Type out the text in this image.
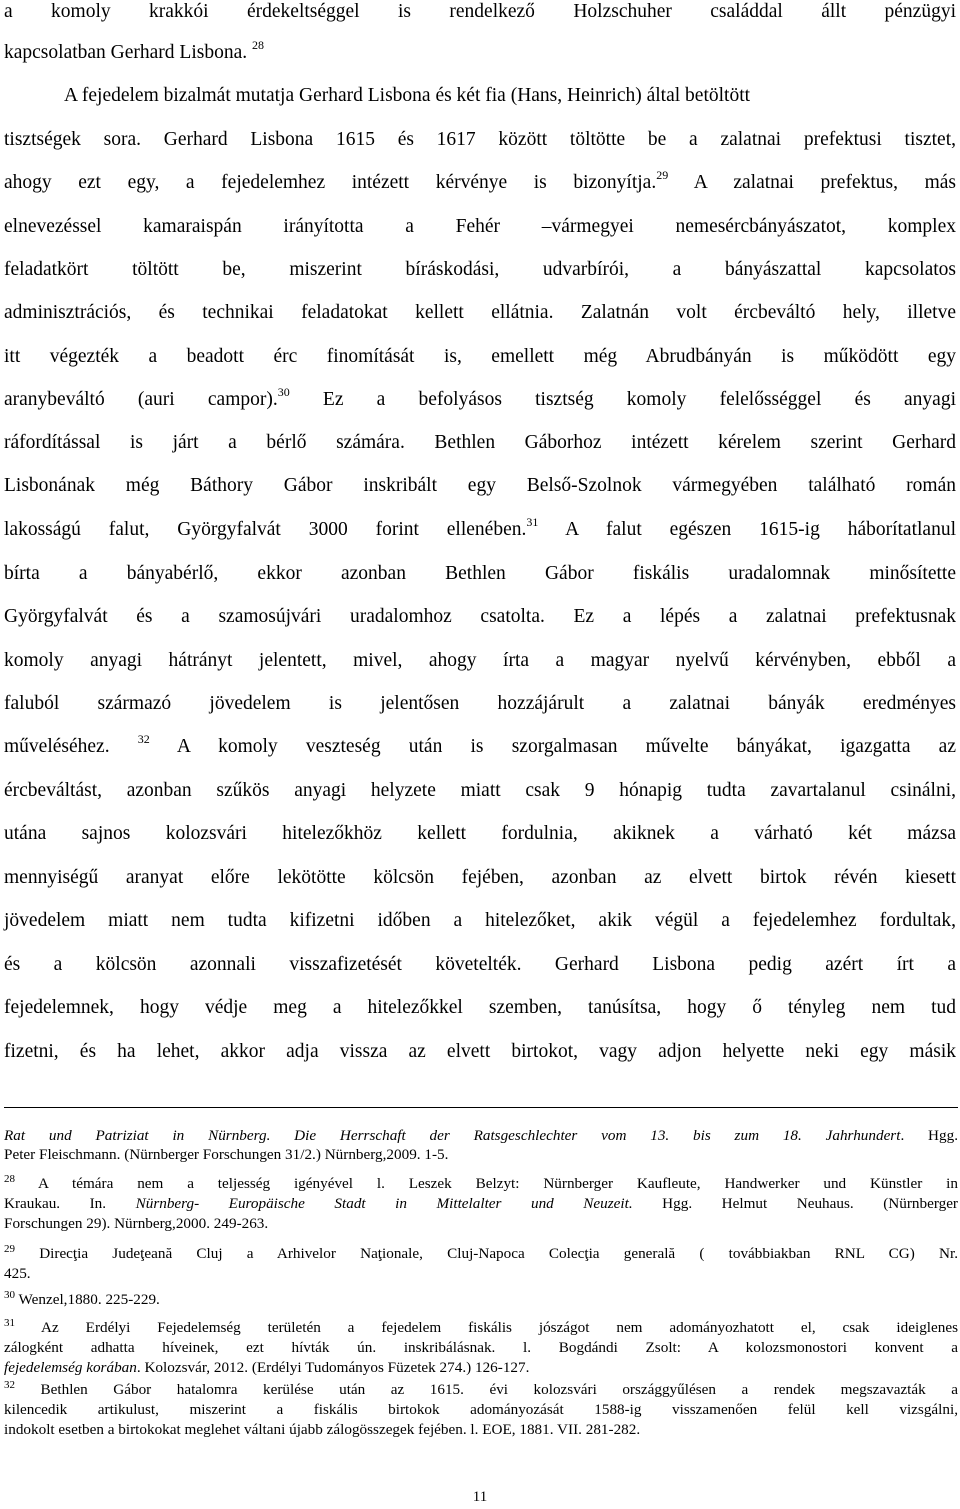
a komoly krakkói érdekeltséggel is rendelkező Holzschuher családdal állt pénzügyi
kapcsolatban Gerhard Lisbona. $^{28}$
A fejedelem bizalmát mutatja Gerhard Lisbona és két fia (Hans, Heinrich) által betöltött
tisztségek sora. Gerhard Lisbona 1615 és 1617 között töltötte be a zalatnai prefektusi tisztet,
ahogy ezt egy, a fejedelemhez intézett kérvénye is bizonyítja.$^{29}$ A zalatnai prefektus, más
elnevezéssel kamaraispán irányította a Fehér –vármegyei nemesércbányászatot, komplex
feladatkört töltött be, miszerint bíráskodási, udvarbírói, a bányászattal kapcsolatos
adminisztrációs, és technikai feladatokat kellett ellátnia. Zalatnán volt ércbeváltó hely, illetve
itt végezték a beadott érc finomítását is, emellett még Abrudbányán is működött egy
aranybeváltó (auri campor).$^{30}$ Ez a befolyásos tisztség komoly felelősséggel és anyagi
ráfordítással is járt a bérlő számára. Bethlen Gáborhoz intézett kérelem szerint Gerhard
Lisbonának még Báthory Gábor inskribált egy Belső-Szolnok vármegyében található román
lakosságú falut, Györgyfalvát 3000 forint ellenében.$^{31}$ A falut egészen 1615-ig háborítatlanul
bírta a bányabérlő, ekkor azonban Bethlen Gábor fiskális uradalomnak minősítette
Györgyfalvát és a szamosújvári uradalomhoz csatolta. Ez a lépés a zalatnai prefektusnak
komoly anyagi hátrányt jelentett, mivel, ahogy írta a magyar nyelvű kérvényben, ebből a
faluból származó jövedelem is jelentősen hozzájárult a zalatnai bányák eredményes
műveléséhez. $^{32}$ A komoly veszteség után is szorgalmasan művelte bányákat, igazgatta az
ércbeváltást, azonban szűkös anyagi helyzete miatt csak 9 hónapig tudta zavartalanul csinálni,
utána sajnos kolozsvári hitelezőkhöz kellett fordulnia, akiknek a várható két mázsa
mennyiségű aranyat előre lekötötte kölcsön fejében, azonban az elvett birtok révén kiesett
jövedelem miatt nem tudta kifizetni időben a hitelezőket, akik végül a fejedelemhez fordultak,
és a kölcsön azonnali visszafizetését követelték. Gerhard Lisbona pedig azért írt a
fejedelemnek, hogy védje meg a hitelezőkkel szemben, tanúsítsa, hogy ő tényleg nem tud
fizetni, és ha lehet, akkor adja vissza az elvett birtokot, vagy adjon helyette neki egy másik
Rat und Patriziat in Nürnberg. Die Herrschaft der Ratsgeschlechter vom 13. bis zum 18. Jahrhundert. Hgg.
Peter Fleischmann. (Nürnberger Forschungen 31/2.) Nürnberg,2009. 1-5.
$^{28}$ A témára nem a teljesség igényével l. Leszek Belzyt: Nürnberger Kaufleute, Handwerker und Künstler in
Kraukau. In. Nürnberg- Europäische Stadt in Mittelalter und Neuzeit. Hgg. Helmut Neuhaus. (Nürnberger
Forschungen 29). Nürnberg,2000. 249-263.
$^{29}$ Direcţia Judeţeană Cluj a Arhivelor Naţionale, Cluj-Napoca Colecţia generală ( továbbiakban RNL CG) Nr.
425.
$^{30}$ Wenzel,1880. 225-229.
$^{31}$ Az Erdélyi Fejedelemség területén a fejedelem fiskális jószágot nem adományozhatott el, csak ideiglenes
zálogként adhatta híveinek, ezt hívták ún. inskribálásnak. l. Bogdándi Zsolt: A kolozsmonostori konvent a
fejedelemség korában. Kolozsvár, 2012. (Erdélyi Tudományos Füzetek 274.) 126-127.
$^{32}$ Bethlen Gábor hatalomra kerülése után az 1615. évi kolozsvári országgyűlésen a rendek megszavazták a
kilencedik artikulust, miszerint a fiskális birtokok adományozását 1588-ig visszamenően felül kell vizsgálni,
indokolt esetben a birtokokat meglehet váltani újabb zálogösszegek fejében. l. EOE, 1881. VII. 281-282.
11
